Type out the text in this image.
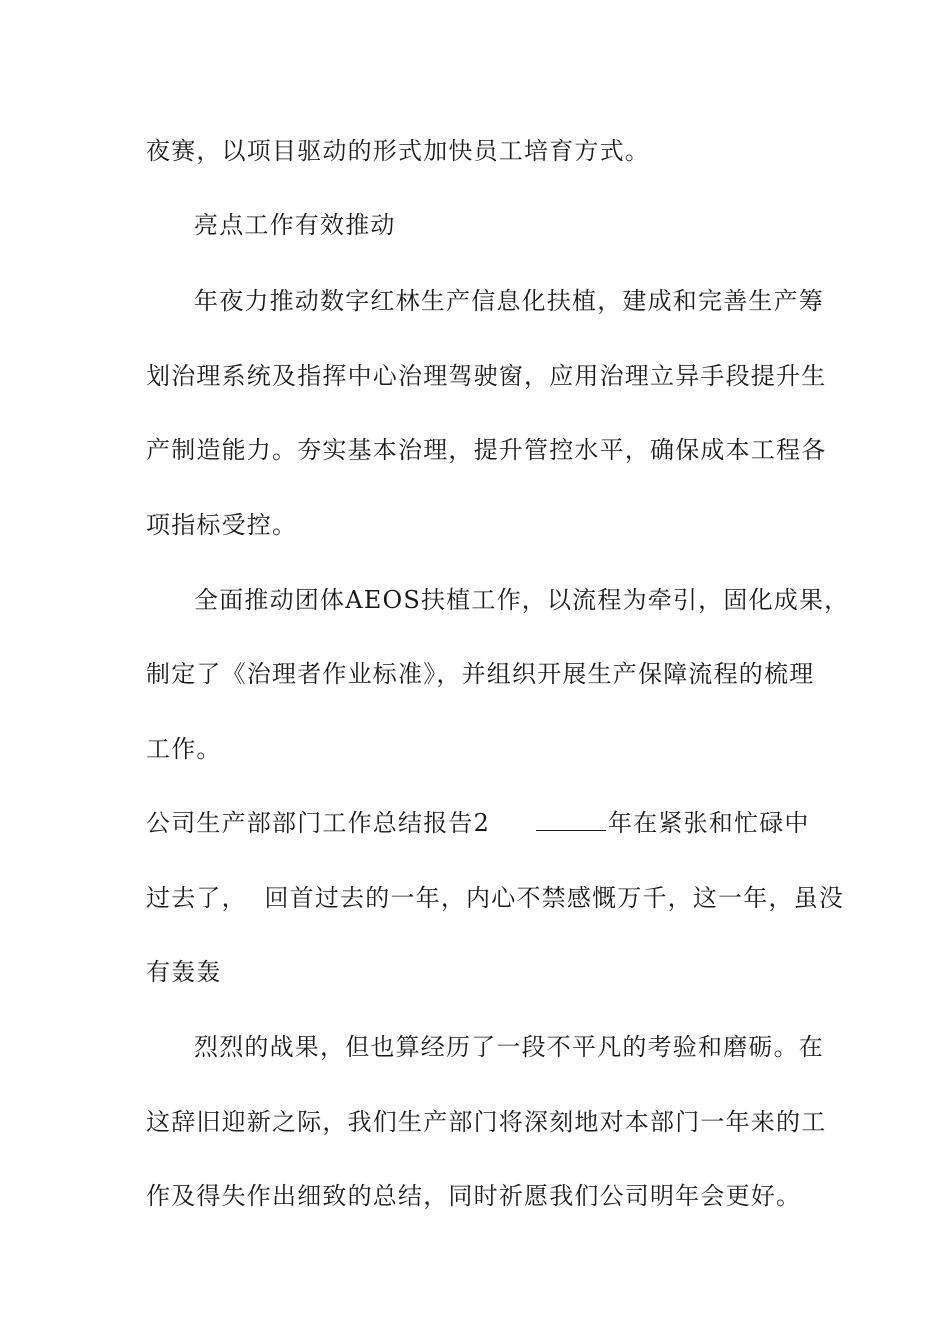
夜赛，以项目驱动的形式加快员工培育方式。
亮点工作有效推动
年夜力推动数字红林生产信息化扶植，建成和完善生产筹
划治理系统及指挥中心治理驾驶窗，应用治理立异手段提升生
产制造能力。夯实基本治理，提升管控水平，确保成本工程各
项指标受控。
全面推动团体AEOS扶植工作，以流程为牵引，固化成果，
制定了《治理者作业标准》，并组织开展生产保障流程的梳理
工作。
公司生产部部门工作总结报告2	年在紧张和忙碌中
过去了，  回首过去的一年，内心不禁感慨万千，这一年，虽没
有轰轰
烈烈的战果，但也算经历了一段不平凡的考验和磨砺。在
这辞旧迎新之际，我们生产部门将深刻地对本部门一年来的工
作及得失作出细致的总结，同时祈愿我们公司明年会更好。
